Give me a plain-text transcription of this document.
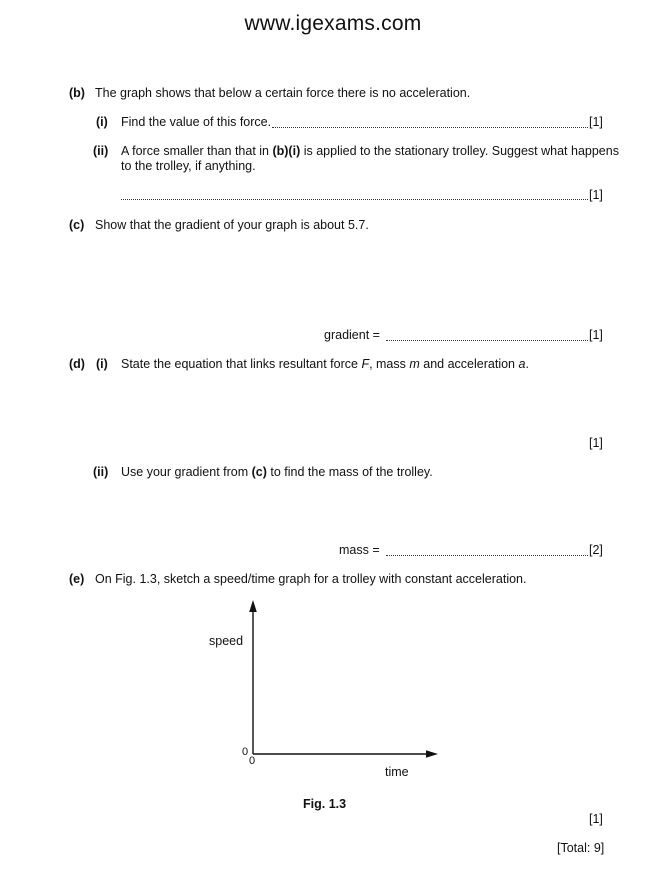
www.igexams.com
(b) The graph shows that below a certain force there is no acceleration.
(i) Find the value of this force.	[1]
(ii) A force smaller than that in (b)(i) is applied to the stationary trolley. Suggest what happens
to the trolley, if anything.
[1]
(c) Show that the gradient of your graph is about 5.7.
gradient =	[1]
(d) (i) State the equation that links resultant force F, mass m and acceleration a.
[1]
(ii) Use your gradient from (c) to find the mass of the trolley.
mass =	[2]
(e) On Fig. 1.3, sketch a speed/time graph for a trolley with constant acceleration.
speed
0
0
time
Fig. 1.3
[1]
[Total: 9]
